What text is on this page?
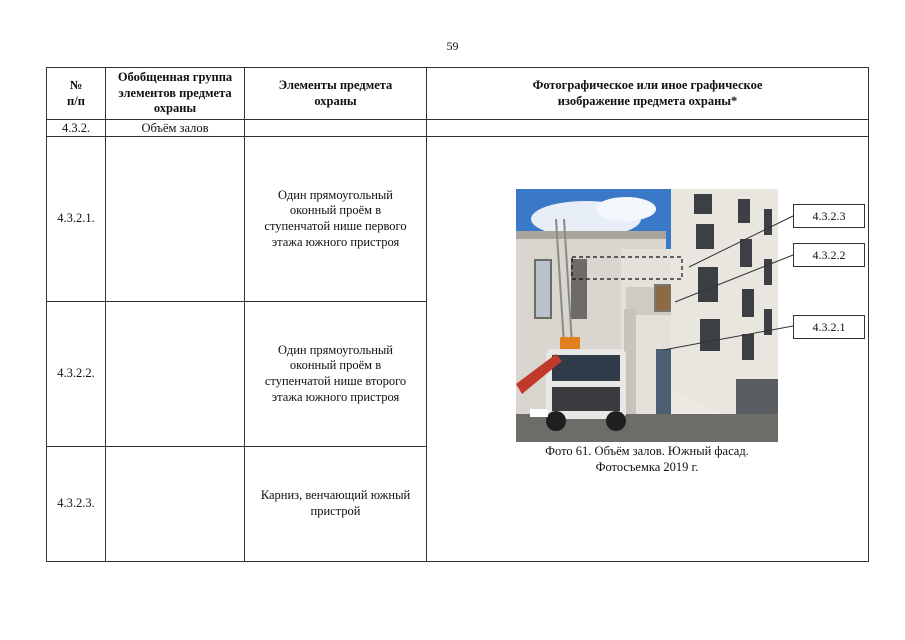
59
№
п/п	Обобщенная группа элементов предмета охраны	Элементы предмета охраны	Фотографическое или иное графическое изображение предмета охраны*
4.3.2.	Объём залов		
4.3.2.1.		Один прямоугольный оконный проём в ступенчатой нише первого этажа южного пристроя	4.3.2.3
4.3.2.2
4.3.2.1
Фото 61. Объём залов. Южный фасад.
Фотосъемка 2019 г.

4.3.2.2.		Один прямоугольный оконный проём в ступенчатой нише второго этажа южного пристроя	
4.3.2.3.		Карниз, венчающий южный пристрой	
